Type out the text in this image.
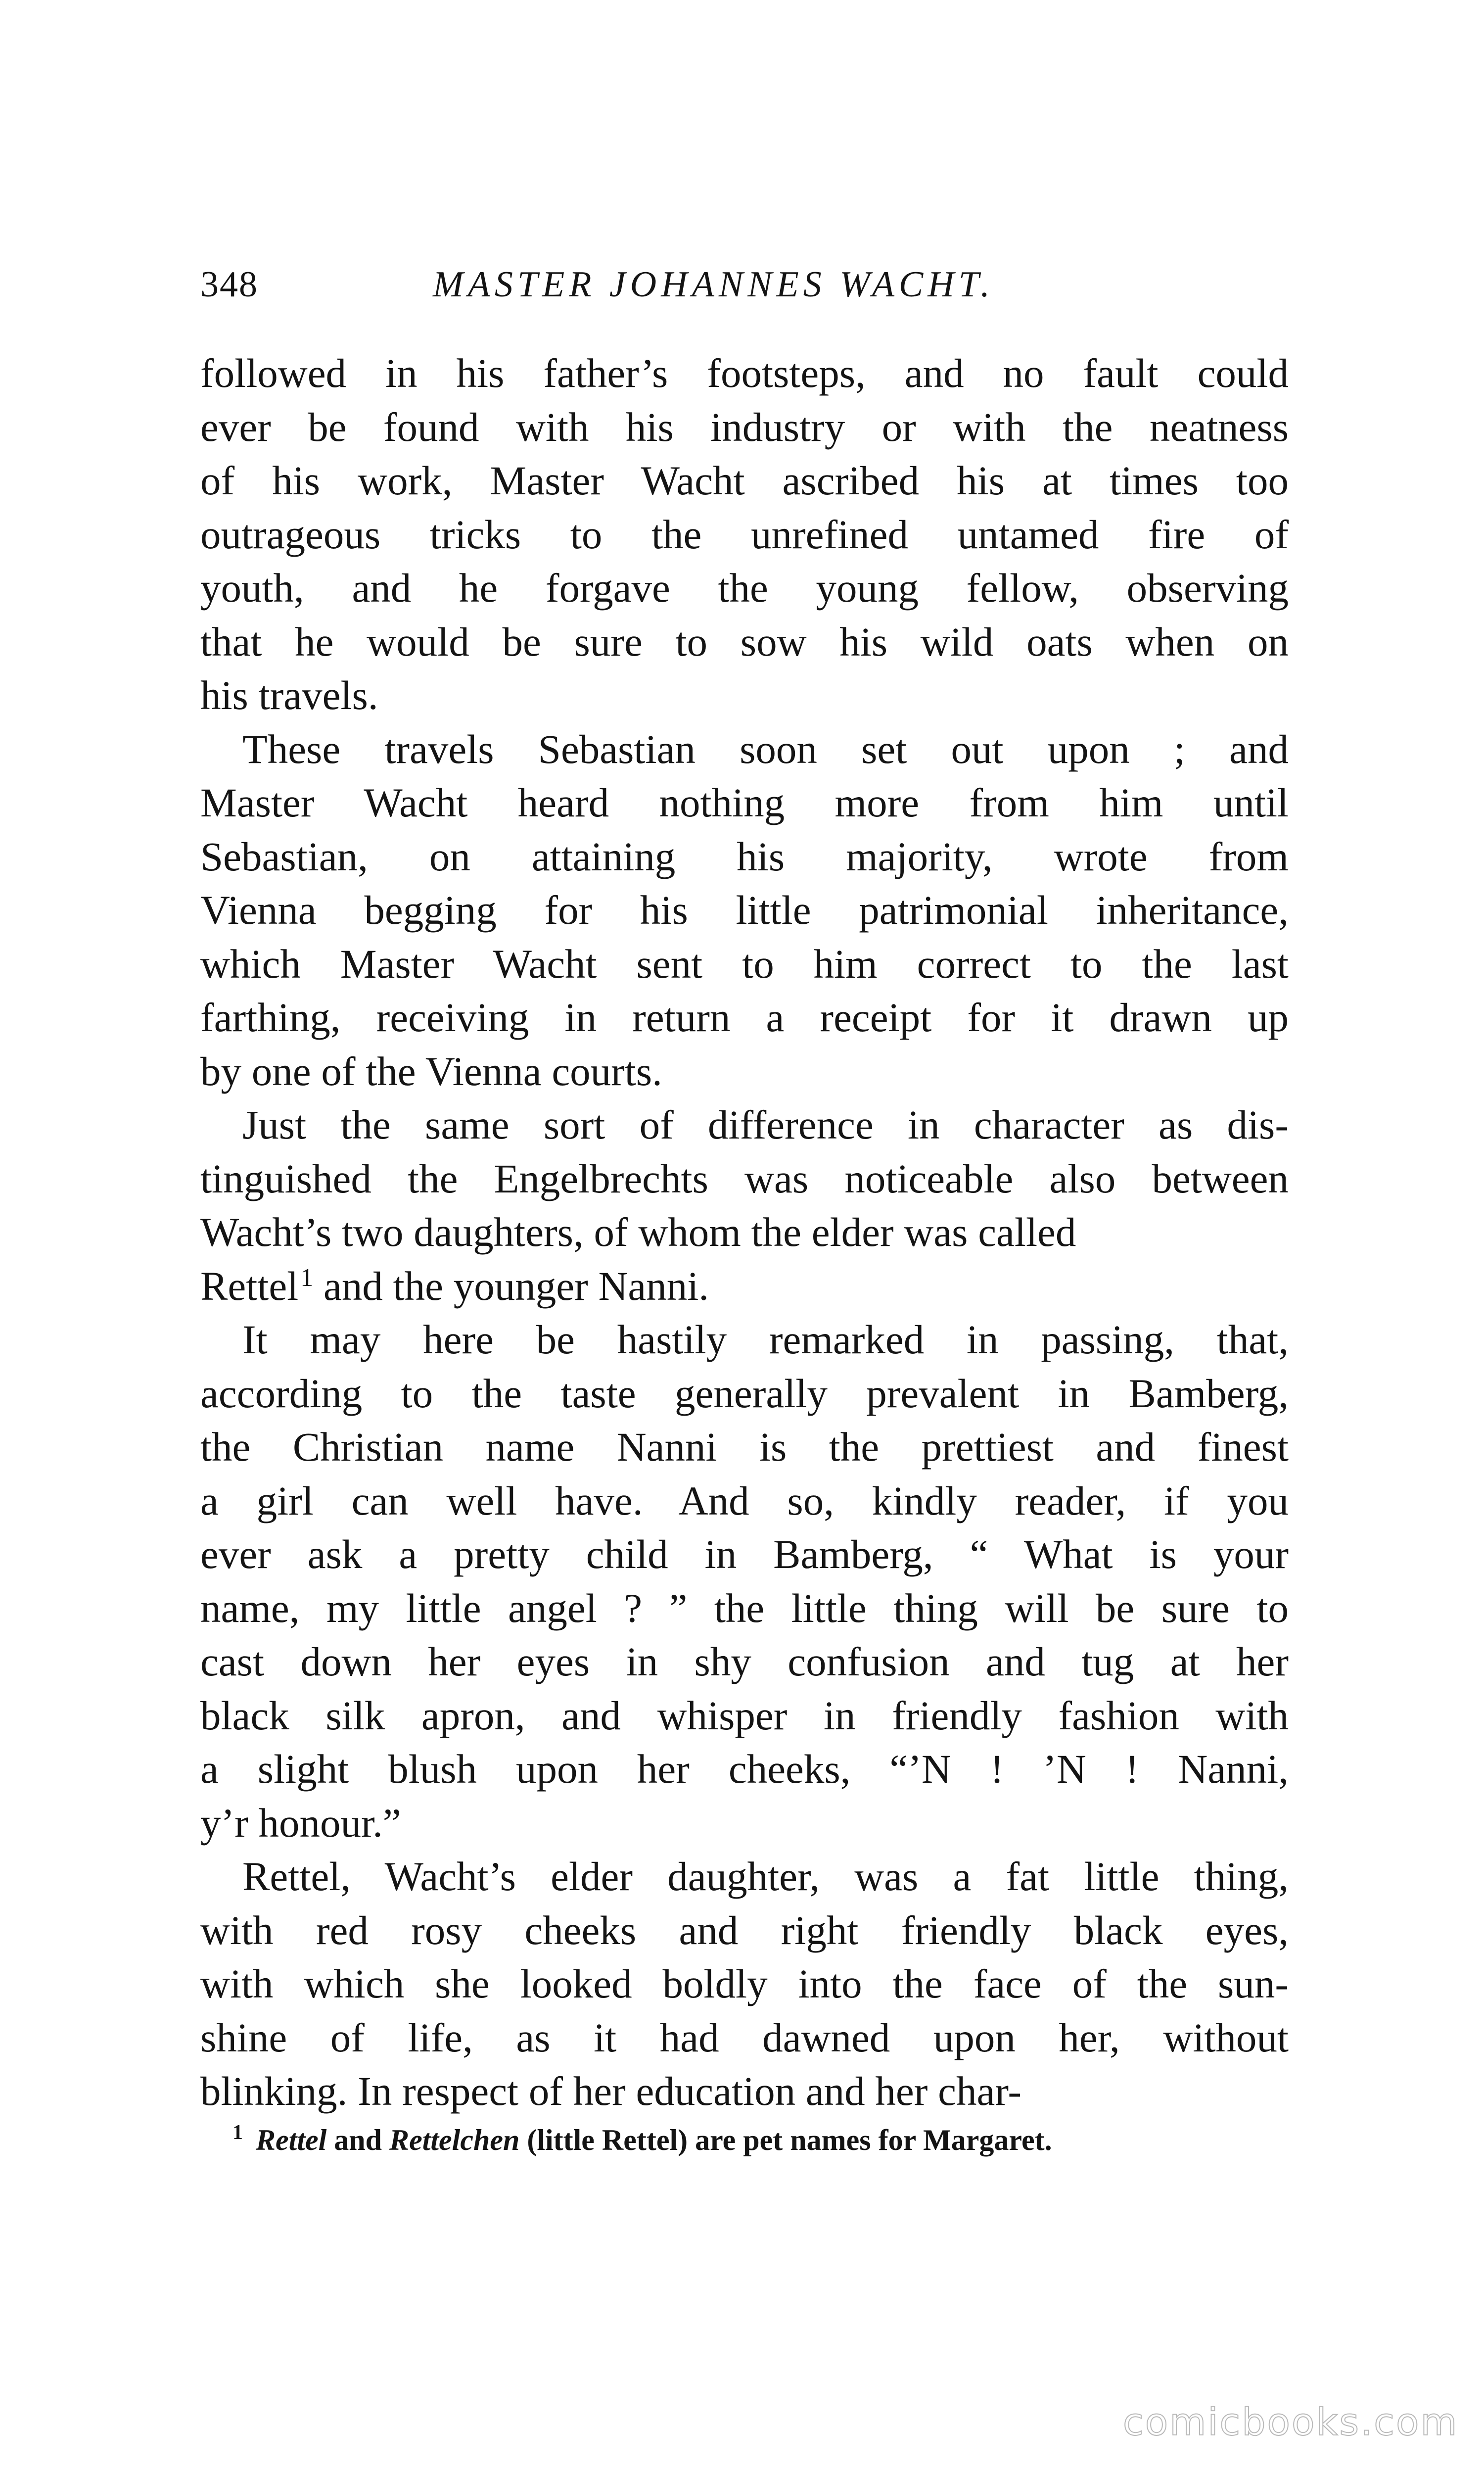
348	MASTER JOHANNES WACHT.
followed in his father’s footsteps, and no fault could
ever be found with his industry or with the neatness
of his work, Master Wacht ascribed his at times too
outrageous tricks to the unrefined untamed fire of
youth, and he forgave the young fellow, observing
that he would be sure to sow his wild oats when on
his travels.
These travels Sebastian soon set out upon ; and
Master Wacht heard nothing more from him until
Sebastian, on attaining his majority, wrote from
Vienna begging for his little patrimonial inheritance,
which Master Wacht sent to him correct to the last
farthing, receiving in return a receipt for it drawn up
by one of the Vienna courts.
Just the same sort of difference in character as dis-
tinguished the Engelbrechts was noticeable also between
Wacht’s two daughters, of whom the elder was called
Rettel$^1$ and the younger Nanni.
It may here be hastily remarked in passing, that,
according to the taste generally prevalent in Bamberg,
the Christian name Nanni is the prettiest and finest
a girl can well have. And so, kindly reader, if you
ever ask a pretty child in Bamberg, “ What is your
name, my little angel ? ” the little thing will be sure to
cast down her eyes in shy confusion and tug at her
black silk apron, and whisper in friendly fashion with
a slight blush upon her cheeks, “’N ! ’N ! Nanni,
y’r honour.”
Rettel, Wacht’s elder daughter, was a fat little thing,
with red rosy cheeks and right friendly black eyes,
with which she looked boldly into the face of the sun-
shine of life, as it had dawned upon her, without
blinking. In respect of her education and her char-
$^1$ Rettel and Rettelchen (little Rettel) are pet names for Margaret.
comicbooks.com
